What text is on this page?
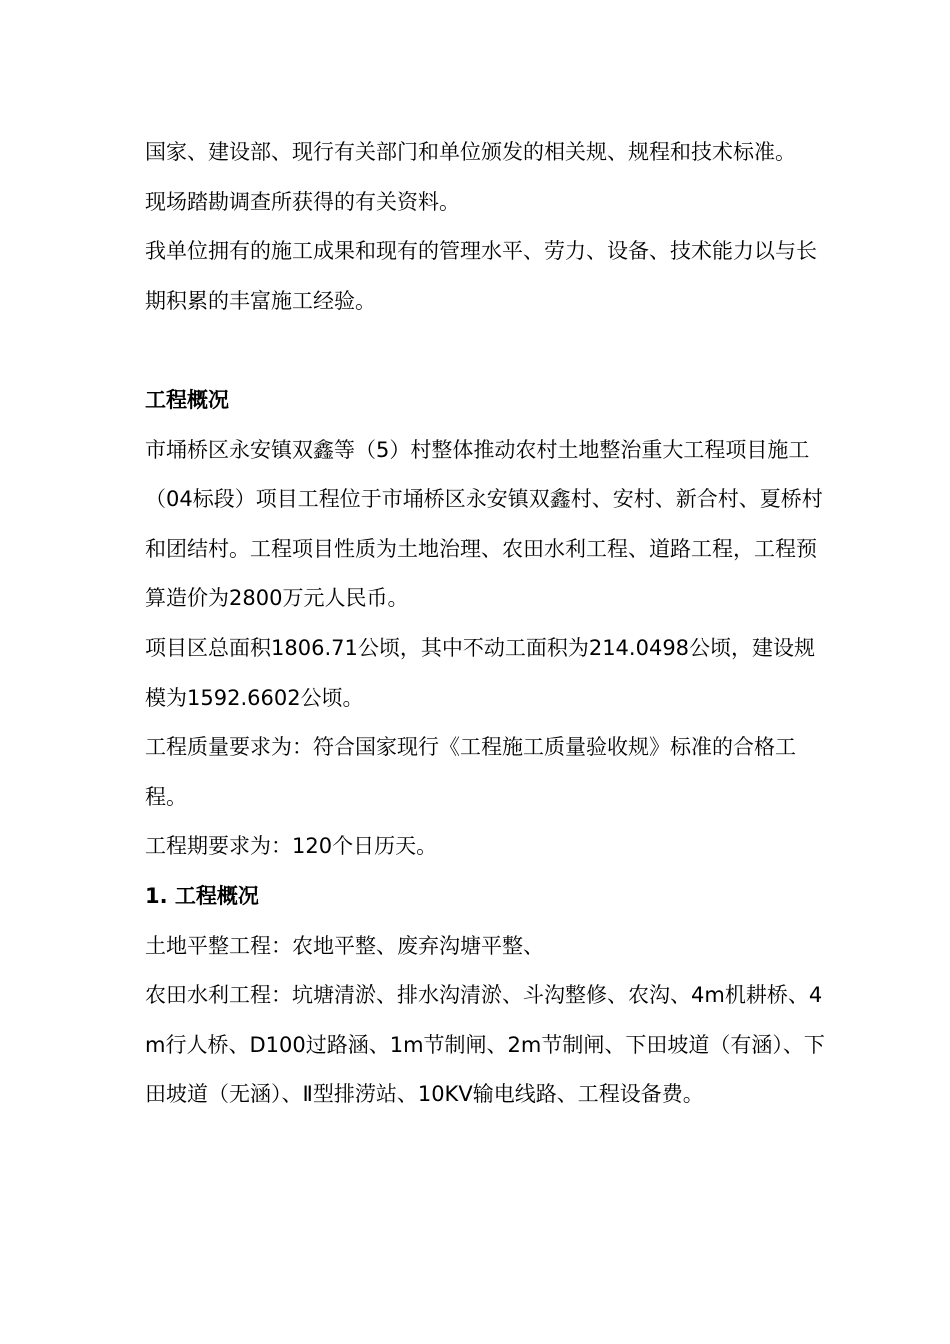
国家、建设部、现行有关部门和单位颁发的相关规、规程和技术标准。

现场踏勘调查所获得的有关资料。

我单位拥有的施工成果和现有的管理水平、劳力、设备、技术能力以与长期积累的丰富施工经验。

工程概况

市埇桥区永安镇双鑫等（5）村整体推动农村土地整治重大工程项目施工（04标段）项目工程位于市埇桥区永安镇双鑫村、安村、新合村、夏桥村和团结村。工程项目性质为土地治理、农田水利工程、道路工程，工程预算造价为2800万元人民币。

项目区总面积1806.71公顷，其中不动工面积为214.0498公顷，建设规模为1592.6602公顷。

工程质量要求为：符合国家现行《工程施工质量验收规》标准的合格工程。

工程期要求为：120个日历天。

1. 工程概况

土地平整工程：农地平整、废弃沟塘平整、

农田水利工程：坑塘清淤、排水沟清淤、斗沟整修、农沟、4m机耕桥、4m行人桥、D100过路涵、1m节制闸、2m节制闸、下田坡道（有涵）、下田坡道（无涵）、Ⅱ型排涝站、10KV输电线路、工程设备费。
